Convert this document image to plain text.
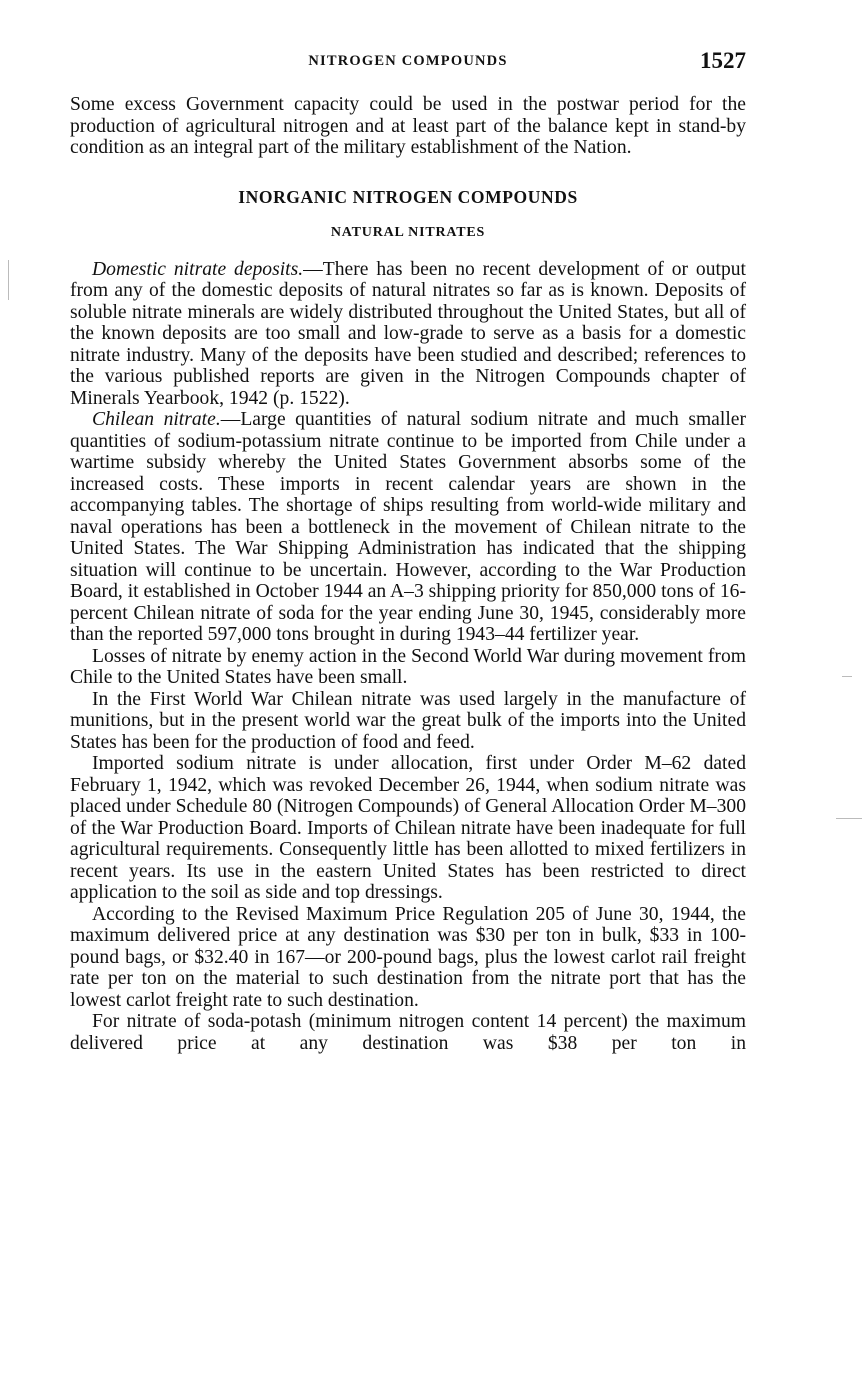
NITROGEN COMPOUNDS	1527

Some excess Government capacity could be used in the postwar period for the production of agricultural nitrogen and at least part of the balance kept in stand-by condition as an integral part of the military establishment of the Nation.

INORGANIC NITROGEN COMPOUNDS
NATURAL NITRATES

Domestic nitrate deposits.—There has been no recent development of or output from any of the domestic deposits of natural nitrates so far as is known. Deposits of soluble nitrate minerals are widely distributed throughout the United States, but all of the known deposits are too small and low-grade to serve as a basis for a domestic nitrate industry. Many of the deposits have been studied and described; references to the various published reports are given in the Nitrogen Compounds chapter of Minerals Yearbook, 1942 (p. 1522).

Chilean nitrate.—Large quantities of natural sodium nitrate and much smaller quantities of sodium-potassium nitrate continue to be imported from Chile under a wartime subsidy whereby the United States Government absorbs some of the increased costs. These imports in recent calendar years are shown in the accompanying tables. The shortage of ships resulting from world-wide military and naval operations has been a bottleneck in the movement of Chilean nitrate to the United States. The War Shipping Administration has indicated that the shipping situation will continue to be uncertain. However, according to the War Production Board, it established in October 1944 an A–3 shipping priority for 850,000 tons of 16-percent Chilean nitrate of soda for the year ending June 30, 1945, considerably more than the reported 597,000 tons brought in during 1943–44 fertilizer year.

Losses of nitrate by enemy action in the Second World War during movement from Chile to the United States have been small.

In the First World War Chilean nitrate was used largely in the manufacture of munitions, but in the present world war the great bulk of the imports into the United States has been for the production of food and feed.

Imported sodium nitrate is under allocation, first under Order M–62 dated February 1, 1942, which was revoked December 26, 1944, when sodium nitrate was placed under Schedule 80 (Nitrogen Compounds) of General Allocation Order M–300 of the War Production Board. Imports of Chilean nitrate have been inadequate for full agricultural requirements. Consequently little has been allotted to mixed fertilizers in recent years. Its use in the eastern United States has been restricted to direct application to the soil as side and top dressings.

According to the Revised Maximum Price Regulation 205 of June 30, 1944, the maximum delivered price at any destination was $30 per ton in bulk, $33 in 100-pound bags, or $32.40 in 167—or 200-pound bags, plus the lowest carlot rail freight rate per ton on the material to such destination from the nitrate port that has the lowest carlot freight rate to such destination.

For nitrate of soda-potash (minimum nitrogen content 14 percent) the maximum delivered price at any destination was $38 per ton in
